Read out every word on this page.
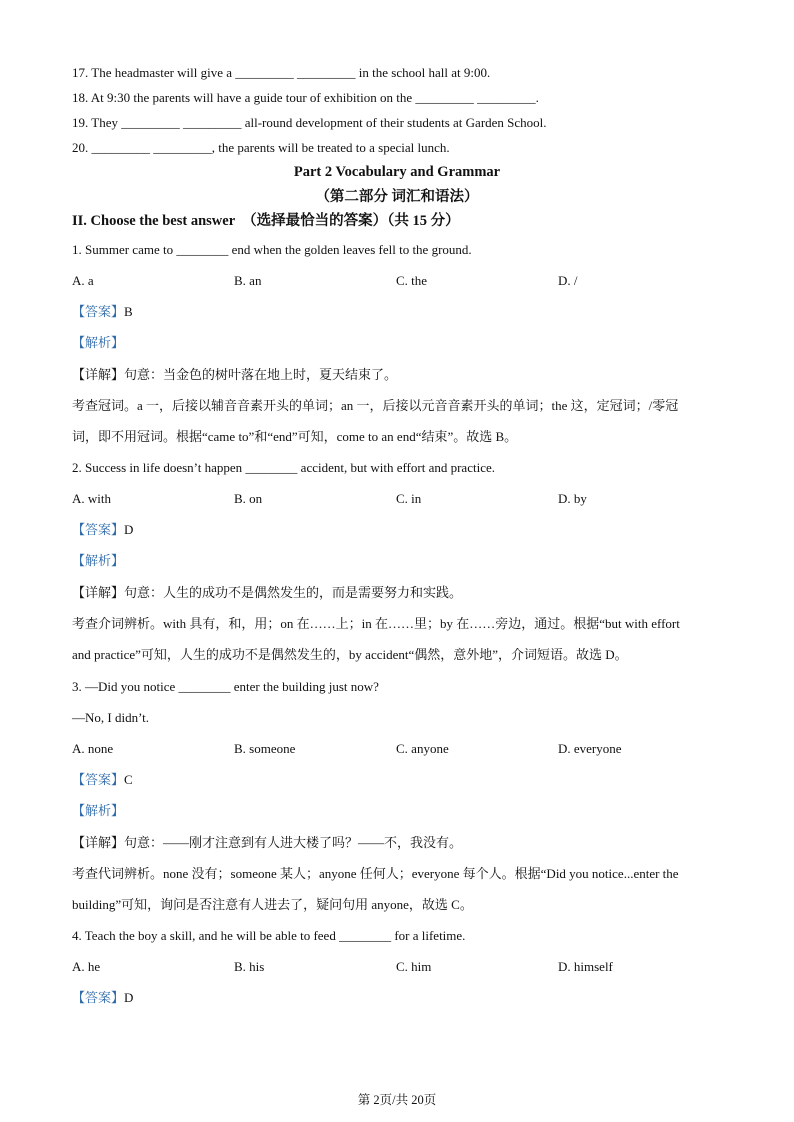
17. The headmaster will give a _________ _________ in the school hall at 9:00.
18. At 9:30 the parents will have a guide tour of exhibition on the _________ _________.
19. They _________ _________ all-round development of their students at Garden School.
20. _________ _________, the parents will be treated to a special lunch.
Part 2 Vocabulary and Grammar
（第二部分 词汇和语法）
II. Choose the best answer　（选择最恰当的答案）（共 15 分）
1. Summer came to ________ end when the golden leaves fell to the ground.
A. a	B. an	C. the	D. /
【答案】B
【解析】
【详解】句意：当金色的树叶落在地上时，夏天结束了。
考查冠词。a 一，后接以辅音音素开头的单词；an 一，后接以元音音素开头的单词；the 这，定冠词；/零冠
词，即不用冠词。根据“came to”和“end”可知，come to an end“结束”。故选 B。
2. Success in life doesn’t happen ________ accident, but with effort and practice.
A. with	B. on	C. in	D. by
【答案】D
【解析】
【详解】句意：人生的成功不是偶然发生的，而是需要努力和实践。
考查介词辨析。with 具有，和，用；on 在……上；in 在……里；by 在……旁边，通过。根据“but with effort
and practice”可知，人生的成功不是偶然发生的，by accident“偶然，意外地”，介词短语。故选 D。
3. —Did you notice ________ enter the building just now?
—No, I didn’t.
A. none	B. someone	C. anyone	D. everyone
【答案】C
【解析】
【详解】句意：——刚才注意到有人进大楼了吗？——不，我没有。
考查代词辨析。none 没有；someone 某人；anyone 任何人；everyone 每个人。根据“Did you notice...enter the
building”可知，询问是否注意有人进去了，疑问句用 anyone，故选 C。
4. Teach the boy a skill, and he will be able to feed ________ for a lifetime.
A. he	B. his	C. him	D. himself
【答案】D
第 2页/共 20页
